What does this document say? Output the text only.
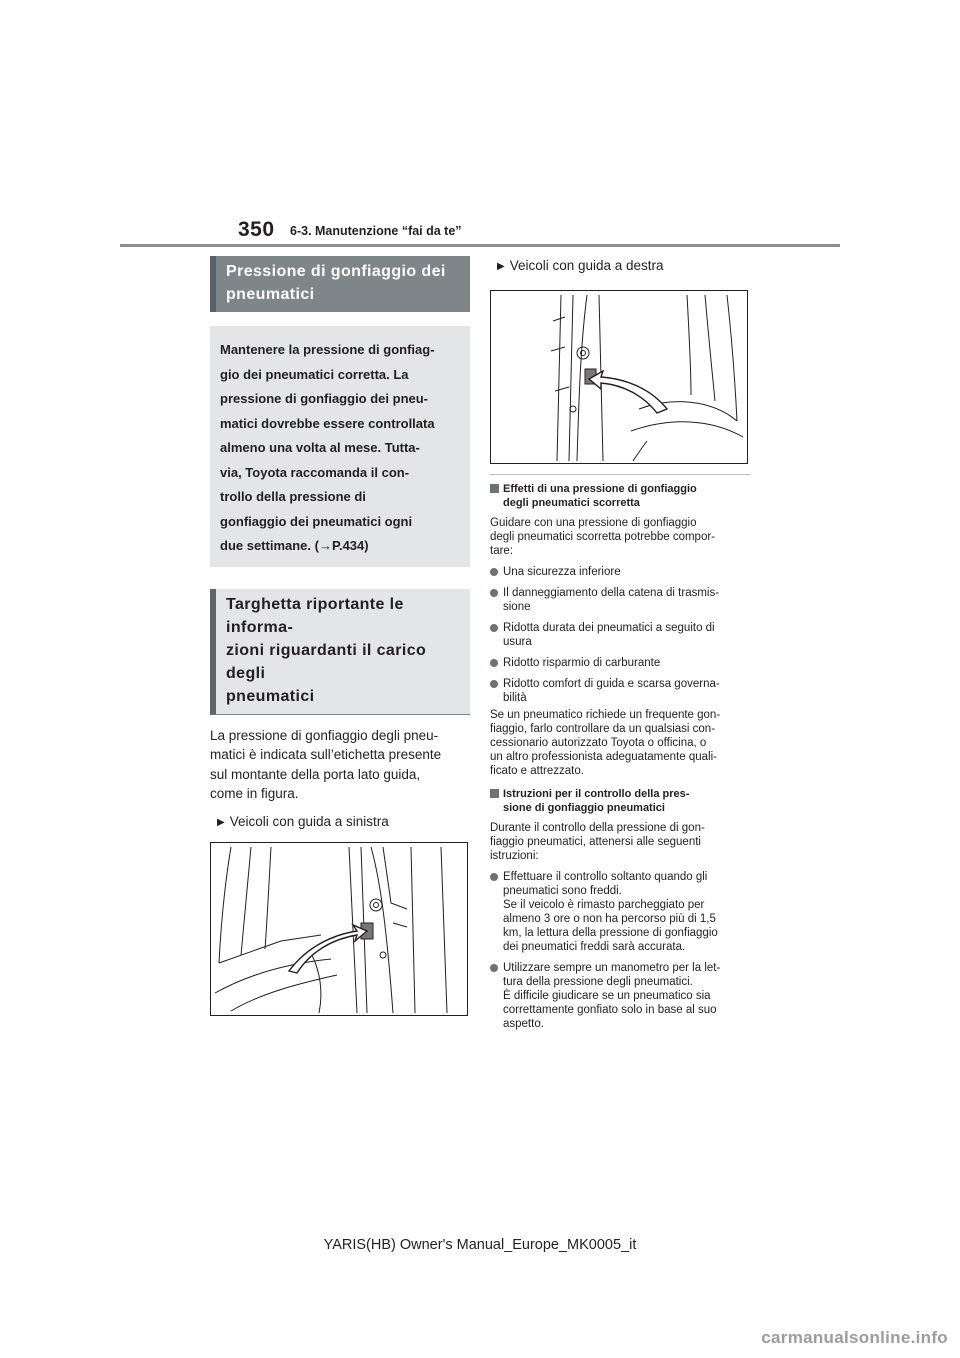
350 6-3. Manutenzione “fai da te”
Pressione di gonfiaggio dei pneumatici
Mantenere la pressione di gonfiag-
gio dei pneumatici corretta. La
pressione di gonfiaggio dei pneu-
matici dovrebbe essere controllata
almeno una volta al mese. Tutta-
via, Toyota raccomanda il con-
trollo della pressione di
gonfiaggio dei pneumatici ogni
due settimane. (→P.434)
Targhetta riportante le informa-
zioni riguardanti il carico degli
pneumatici
La pressione di gonfiaggio degli pneu-
matici è indicata sull’etichetta presente
sul montante della porta lato guida,
come in figura.
▶ Veicoli con guida a sinistra
▶ Veicoli con guida a destra
Effetti di una pressione di gonfiaggio
degli pneumatici scorretta
Guidare con una pressione di gonfiaggio
degli pneumatici scorretta potrebbe compor-
tare:
Una sicurezza inferiore
Il danneggiamento della catena di trasmis-
sione
Ridotta durata dei pneumatici a seguito di
usura
Ridotto risparmio di carburante
Ridotto comfort di guida e scarsa governa-
bilità
Se un pneumatico richiede un frequente gon-
fiaggio, farlo controllare da un qualsiasi con-
cessionario autorizzato Toyota o officina, o
un altro professionista adeguatamente quali-
ficato e attrezzato.
Istruzioni per il controllo della pres-
sione di gonfiaggio pneumatici
Durante il controllo della pressione di gon-
fiaggio pneumatici, attenersi alle seguenti
istruzioni:
Effettuare il controllo soltanto quando gli
pneumatici sono freddi.
Se il veicolo è rimasto parcheggiato per
almeno 3 ore o non ha percorso più di 1,5
km, la lettura della pressione di gonfiaggio
dei pneumatici freddi sarà accurata.
Utilizzare sempre un manometro per la let-
tura della pressione degli pneumatici.
È difficile giudicare se un pneumatico sia
correttamente gonfiato solo in base al suo
aspetto.
YARIS(HB) Owner's Manual_Europe_MK0005_it
carmanualsonline.info
